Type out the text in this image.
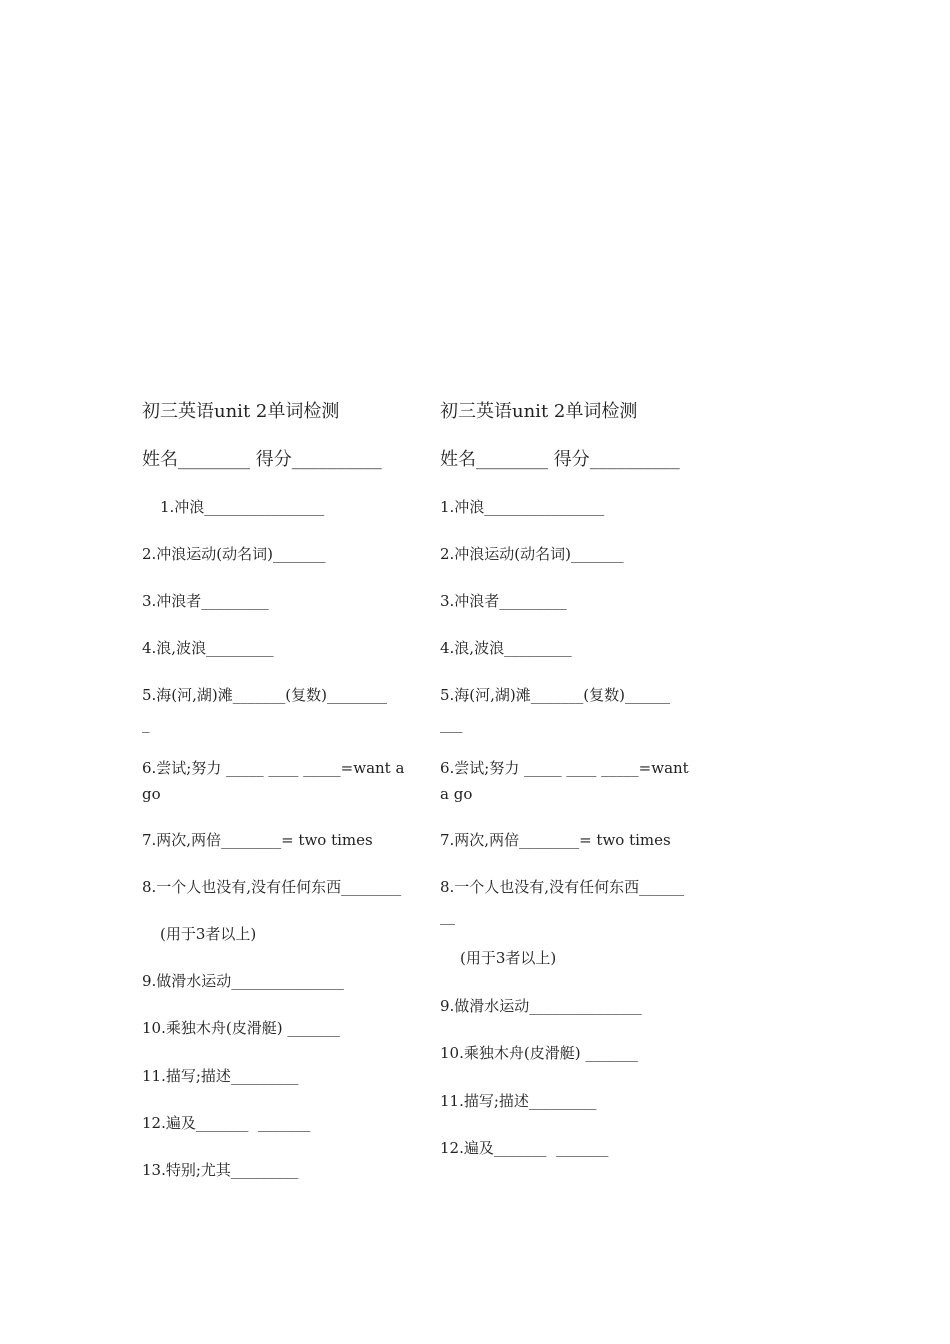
初三英语unit 2单词检测
姓名________ 得分__________
1.冲浪________________
2.冲浪运动(动名词)_______
3.冲浪者_________
4.浪,波浪_________
5.海(河,湖)滩_______(复数)________
_
6.尝试;努力 _____ ____ _____=want a
go
7.两次,两倍________= two times
8.一个人也没有,没有任何东西________
(用于3者以上)
9.做滑水运动_______________
10.乘独木舟(皮滑艇) _______
11.描写;描述_________
12.遍及_______  _______
13.特别;尤其_________
初三英语unit 2单词检测
姓名________ 得分__________
1.冲浪________________
2.冲浪运动(动名词)_______
3.冲浪者_________
4.浪,波浪_________
5.海(河,湖)滩_______(复数)______
___
6.尝试;努力 _____ ____ _____=want
a go
7.两次,两倍________= two times
8.一个人也没有,没有任何东西______
__
(用于3者以上)
9.做滑水运动_______________
10.乘独木舟(皮滑艇) _______
11.描写;描述_________
12.遍及_______  _______
